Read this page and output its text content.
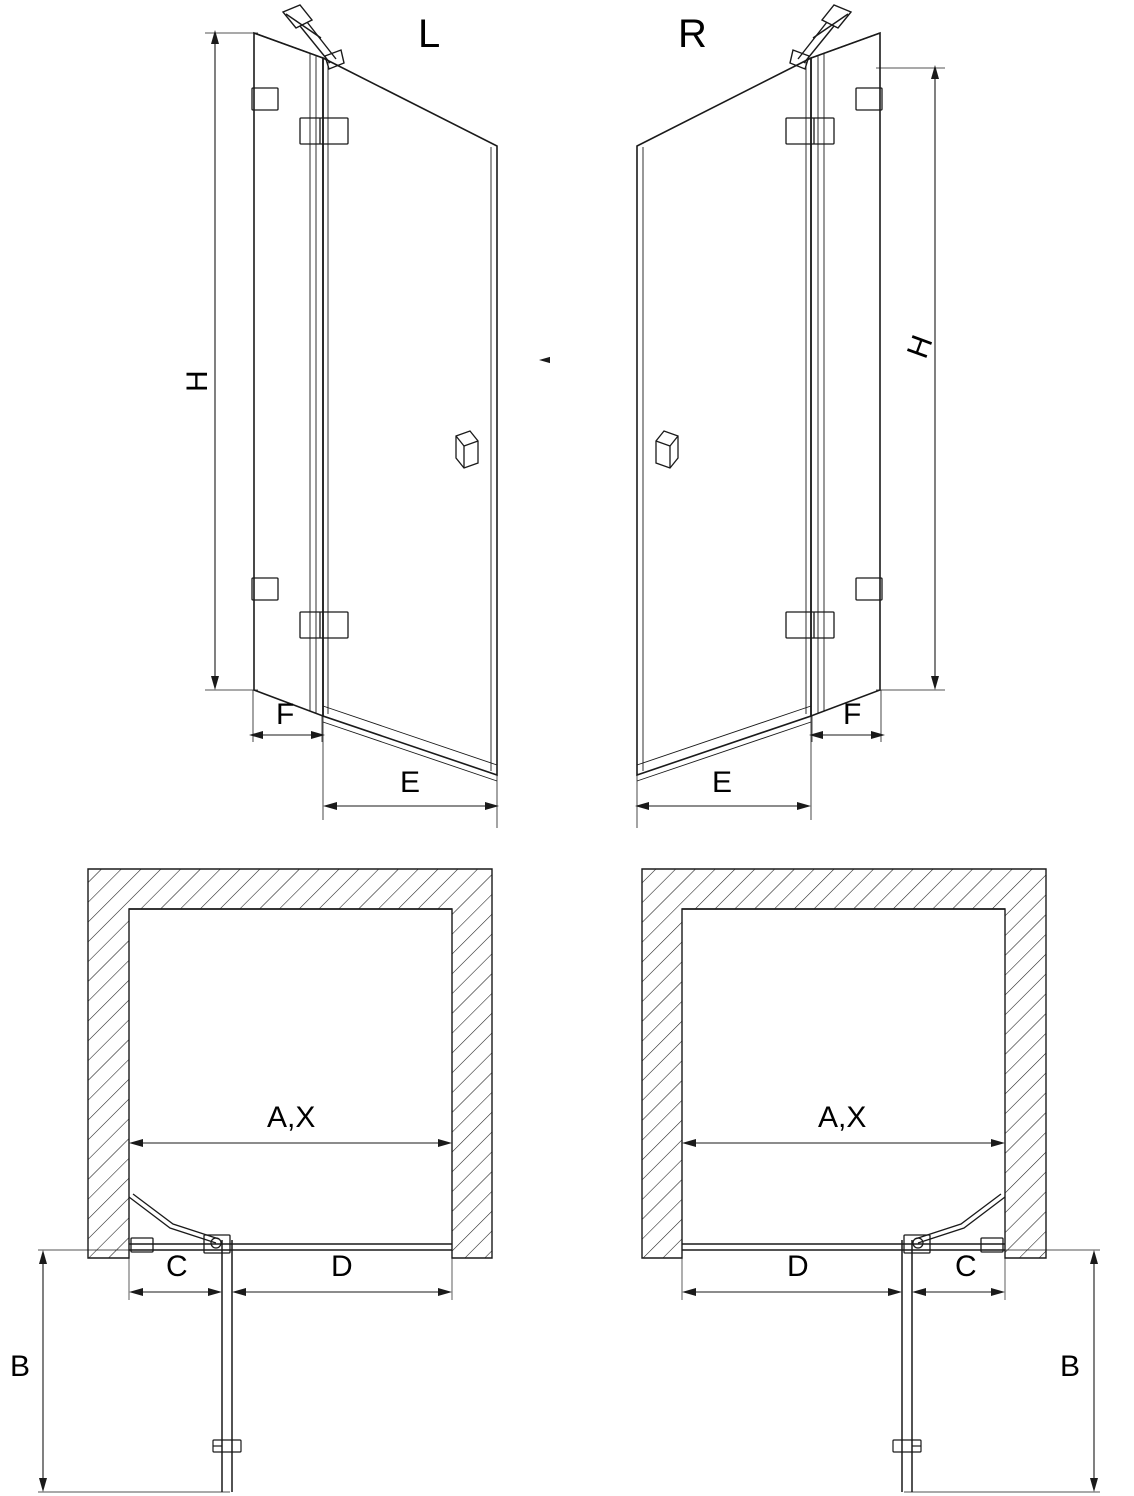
L	R
H
H
F	F
E	E
A,X	A,X
C	D	D	C
B	B
